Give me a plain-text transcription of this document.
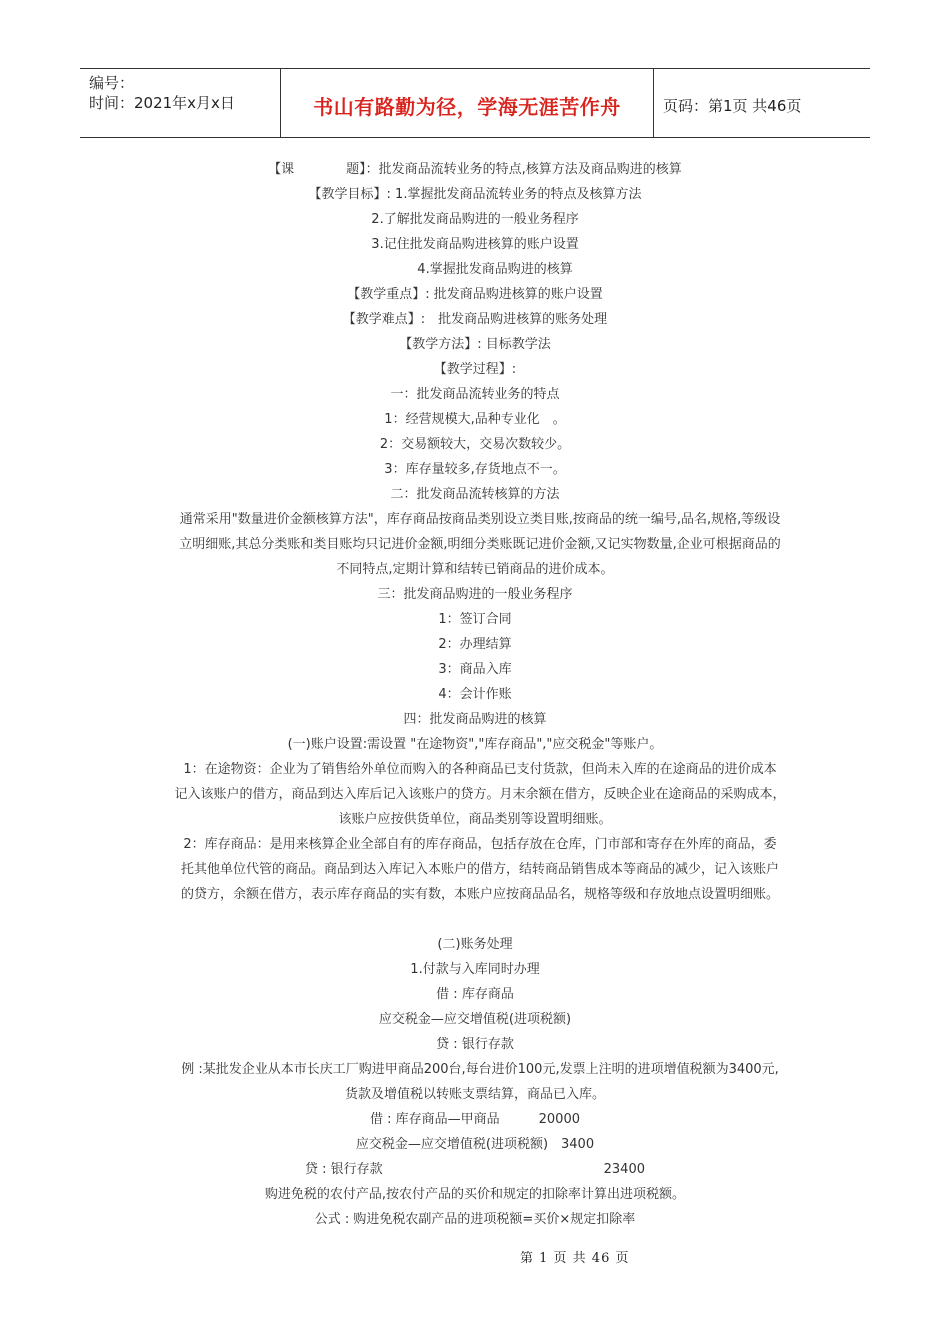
编号：
时间：2021年x月x日	书山有路勤为径，学海无涯苦作舟	页码：第1页 共46页
【课　　　　题】：批发商品流转业务的特点,核算方法及商品购进的核算
【教学目标】: 1.掌握批发商品流转业务的特点及核算方法
2.了解批发商品购进的一般业务程序
3.记住批发商品购进核算的账户设置
4.掌握批发商品购进的核算
【教学重点】: 批发商品购进核算的账户设置
【教学难点】:　批发商品购进核算的账务处理
【教学方法】: 目标教学法
【教学过程】:
一：批发商品流转业务的特点
1：经营规模大,品种专业化　。
2：交易额较大，交易次数较少。
3：库存量较多,存货地点不一。
二：批发商品流转核算的方法
通常采用"数量进价金额核算方法"，库存商品按商品类别设立类目账,按商品的统一编号,品名,规格,等级设
立明细账,其总分类账和类目账均只记进价金额,明细分类账既记进价金额,又记实物数量,企业可根据商品的
不同特点,定期计算和结转已销商品的进价成本。
三：批发商品购进的一般业务程序
1：签订合同
2：办理结算
3：商品入库
4：会计作账
四：批发商品购进的核算
(一)账户设置:需设置 "在途物资","库存商品","应交税金"等账户。
1：在途物资：企业为了销售给外单位而购入的各种商品已支付货款，但尚未入库的在途商品的进价成本
记入该账户的借方，商品到达入库后记入该账户的贷方。月末余额在借方，反映企业在途商品的采购成本，
该账户应按供货单位，商品类别等设置明细账。
2：库存商品：是用来核算企业全部自有的库存商品，包括存放在仓库，门市部和寄存在外库的商品，委
托其他单位代管的商品。商品到达入库记入本账户的借方，结转商品销售成本等商品的减少，记入该账户
的贷方，余额在借方，表示库存商品的实有数，本账户应按商品品名，规格等级和存放地点设置明细账。
(二)账务处理
1.付款与入库同时办理
借 : 库存商品
应交税金—应交增值税(进项税额)
贷 : 银行存款
例 :某批发企业从本市长庆工厂购进甲商品200台,每台进价100元,发票上注明的进项增值税额为3400元,
货款及增值税以转账支票结算，商品已入库。
借 : 库存商品—甲商品　　　20000
应交税金—应交增值税(进项税额)　3400
贷 : 银行存款　　　　　　　　　　　　　　　　　23400
购进免税的农付产品,按农付产品的买价和规定的扣除率计算出进项税额。
公式 : 购进免税农副产品的进项税额=买价×规定扣除率
第 1 页 共 46 页
